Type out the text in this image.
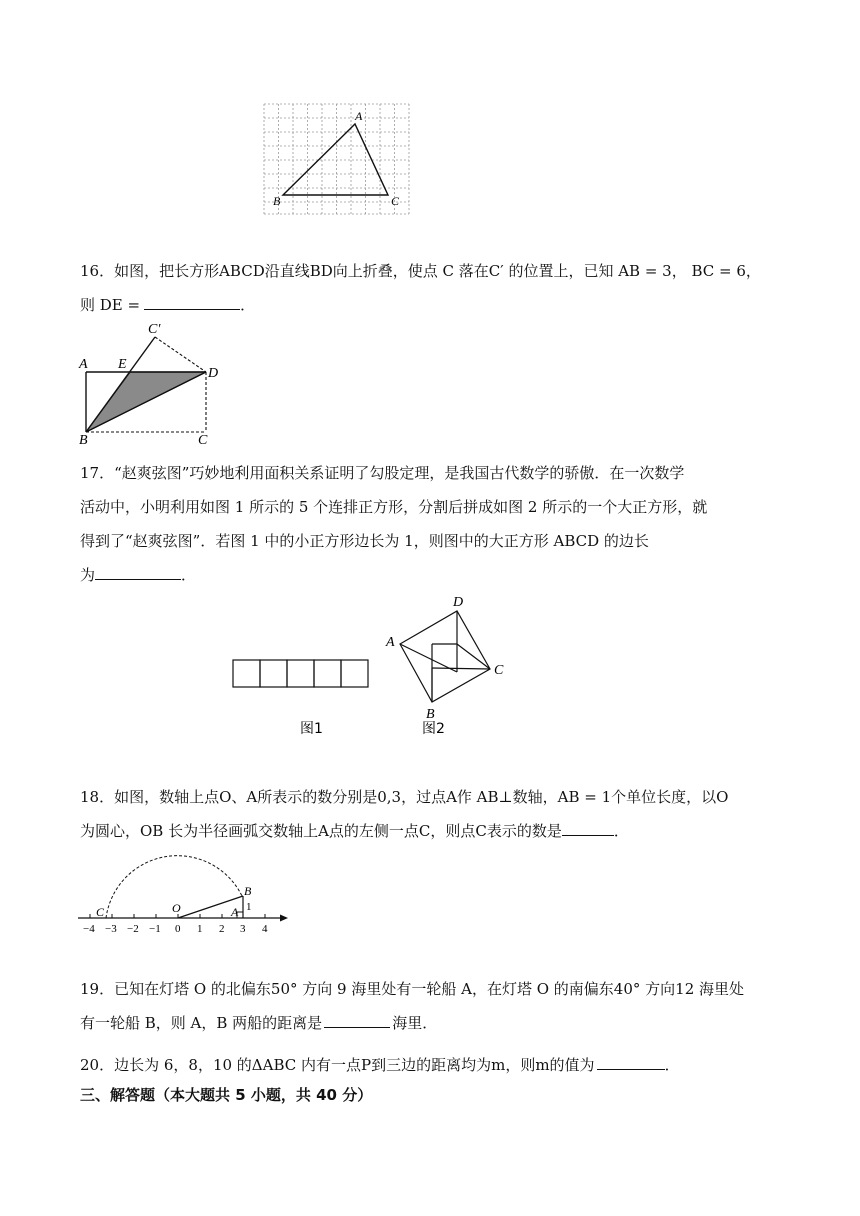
A
B	C
16．如图，把长方形ABCD沿直线BD向上折叠，使点 C 落在C′ 的位置上，已知 AB = 3， BC = 6，
则 DE =	．
A E
C′
D
B	C
17．“赵爽弦图”巧妙地利用面积关系证明了勾股定理，是我国古代数学的骄傲．在一次数学
活动中，小明利用如图 1 所示的 5 个连排正方形，分割后拼成如图 2 所示的一个大正方形，就
得到了“赵爽弦图”．若图 1 中的小正方形边长为 1，则图中的大正方形 ABCD 的边长
为	．
D
A
C
B
图1	图2
18．如图，数轴上点O、A所表示的数分别是0,3，过点A作 AB⊥数轴，AB = 1个单位长度，以O
为圆心，OB 长为半径画弧交数轴上A点的左侧一点C，则点C表示的数是	．
C	O	A
B
1
−4 −3 −2 −1 0 1 2 3 4
19．已知在灯塔 O 的北偏东50° 方向 9 海里处有一轮船 A，在灯塔 O 的南偏东40° 方向12 海里处
有一轮船 B，则 A，B 两船的距离是	海里．
20．边长为 6，8，10 的ΔABC 内有一点P到三边的距离均为m，则m的值为	．
三、解答题（本大题共 5 小题，共 40 分）
